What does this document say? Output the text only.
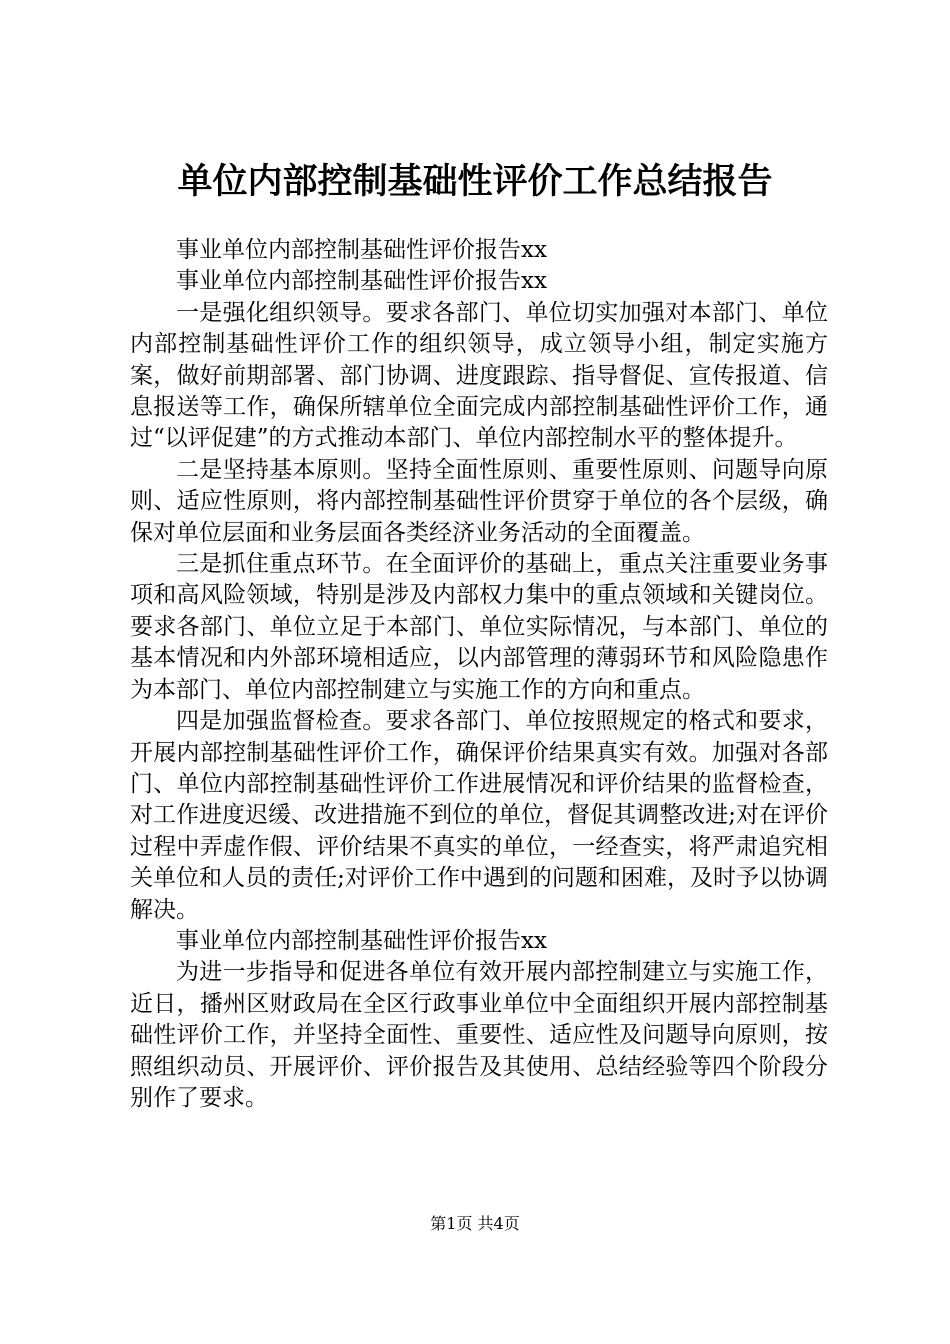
单位内部控制基础性评价工作总结报告

事业单位内部控制基础性评价报告xx

事业单位内部控制基础性评价报告xx

一是强化组织领导。要求各部门、单位切实加强对本部门、单位内部控制基础性评价工作的组织领导，成立领导小组，制定实施方案，做好前期部署、部门协调、进度跟踪、指导督促、宣传报道、信息报送等工作，确保所辖单位全面完成内部控制基础性评价工作，通过“以评促建”的方式推动本部门、单位内部控制水平的整体提升。

二是坚持基本原则。坚持全面性原则、重要性原则、问题导向原则、适应性原则，将内部控制基础性评价贯穿于单位的各个层级，确保对单位层面和业务层面各类经济业务活动的全面覆盖。

三是抓住重点环节。在全面评价的基础上，重点关注重要业务事项和高风险领域，特别是涉及内部权力集中的重点领域和关键岗位。要求各部门、单位立足于本部门、单位实际情况，与本部门、单位的基本情况和内外部环境相适应，以内部管理的薄弱环节和风险隐患作为本部门、单位内部控制建立与实施工作的方向和重点。

四是加强监督检查。要求各部门、单位按照规定的格式和要求，开展内部控制基础性评价工作，确保评价结果真实有效。加强对各部门、单位内部控制基础性评价工作进展情况和评价结果的监督检查，对工作进度迟缓、改进措施不到位的单位，督促其调整改进;对在评价过程中弄虚作假、评价结果不真实的单位，一经查实，将严肃追究相关单位和人员的责任;对评价工作中遇到的问题和困难，及时予以协调解决。

事业单位内部控制基础性评价报告xx

为进一步指导和促进各单位有效开展内部控制建立与实施工作，近日，播州区财政局在全区行政事业单位中全面组织开展内部控制基础性评价工作，并坚持全面性、重要性、适应性及问题导向原则，按照组织动员、开展评价、评价报告及其使用、总结经验等四个阶段分别作了要求。

第1页 共4页
